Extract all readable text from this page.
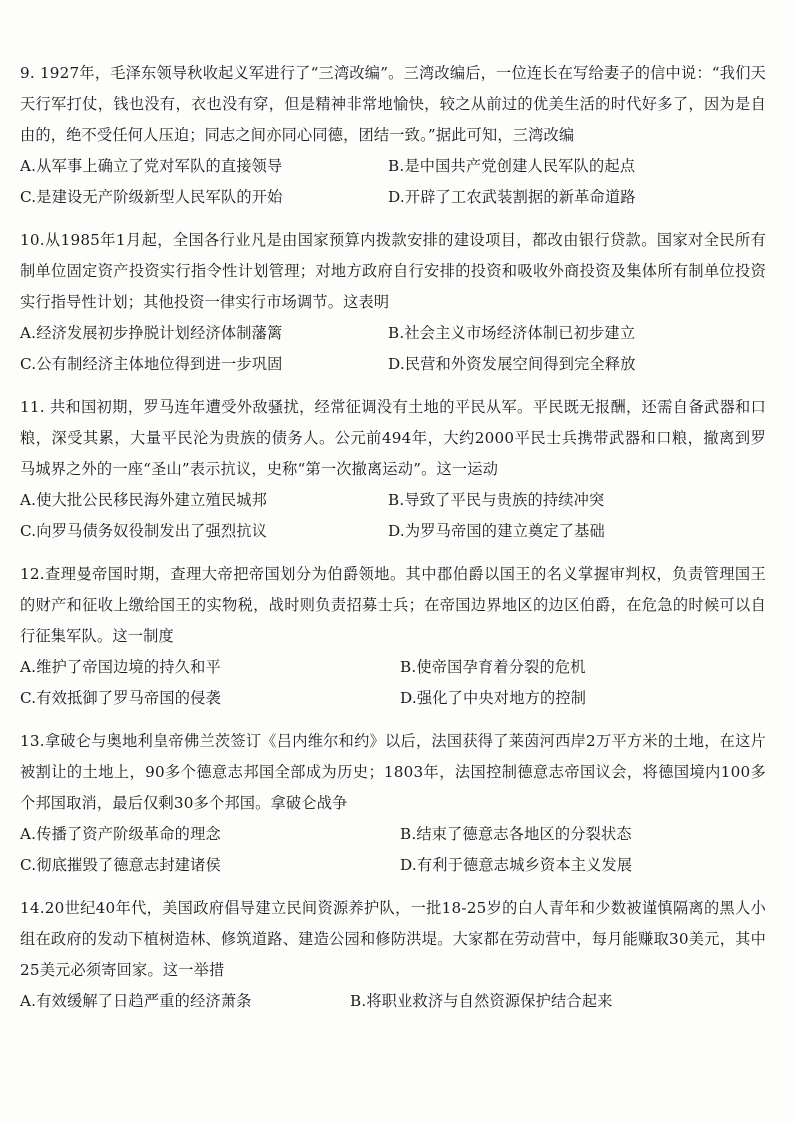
9. 1927年，毛泽东领导秋收起义军进行了“三湾改编”。三湾改编后，一位连长在写给妻子的信中说：“我们天天行军打仗，钱也没有，衣也没有穿，但是精神非常地愉快，较之从前过的优美生活的时代好多了，因为是自由的，绝不受任何人压迫；同志之间亦同心同德，团结一致。”据此可知，三湾改编

A.从军事上确立了党对军队的直接领导	B.是中国共产党创建人民军队的起点
C.是建设无产阶级新型人民军队的开始	D.开辟了工农武装割据的新革命道路

10.从1985年1月起，全国各行业凡是由国家预算内拨款安排的建设项目，都改由银行贷款。国家对全民所有制单位固定资产投资实行指令性计划管理；对地方政府自行安排的投资和吸收外商投资及集体所有制单位投资实行指导性计划；其他投资一律实行市场调节。这表明

A.经济发展初步挣脱计划经济体制藩篱	B.社会主义市场经济体制已初步建立
C.公有制经济主体地位得到进一步巩固	D.民营和外资发展空间得到完全释放

11. 共和国初期，罗马连年遭受外敌骚扰，经常征调没有土地的平民从军。平民既无报酬，还需自备武器和口粮，深受其累，大量平民沦为贵族的债务人。公元前494年，大约2000平民士兵携带武器和口粮，撤离到罗马城界之外的一座“圣山”表示抗议，史称“第一次撤离运动”。这一运动

A.使大批公民移民海外建立殖民城邦	B.导致了平民与贵族的持续冲突
C.向罗马债务奴役制发出了强烈抗议	D.为罗马帝国的建立奠定了基础

12.查理曼帝国时期，查理大帝把帝国划分为伯爵领地。其中郡伯爵以国王的名义掌握审判权，负责管理国王的财产和征收上缴给国王的实物税，战时则负责招募士兵；在帝国边界地区的边区伯爵，在危急的时候可以自行征集军队。这一制度

A.维护了帝国边境的持久和平	B.使帝国孕育着分裂的危机
C.有效抵御了罗马帝国的侵袭	D.强化了中央对地方的控制

13.拿破仑与奥地利皇帝佛兰茨签订《吕内维尔和约》以后，法国获得了莱茵河西岸2万平方米的土地，在这片被割让的土地上，90多个德意志邦国全部成为历史；1803年，法国控制德意志帝国议会，将德国境内100多个邦国取消，最后仅剩30多个邦国。拿破仑战争

A.传播了资产阶级革命的理念	B.结束了德意志各地区的分裂状态
C.彻底摧毁了德意志封建诸侯	D.有利于德意志城乡资本主义发展

14.20世纪40年代，美国政府倡导建立民间资源养护队，一批18-25岁的白人青年和少数被谨慎隔离的黑人小组在政府的发动下植树造林、修筑道路、建造公园和修防洪堤。大家都在劳动营中，每月能赚取30美元，其中25美元必须寄回家。这一举措

A.有效缓解了日趋严重的经济萧条	B.将职业救济与自然资源保护结合起来
